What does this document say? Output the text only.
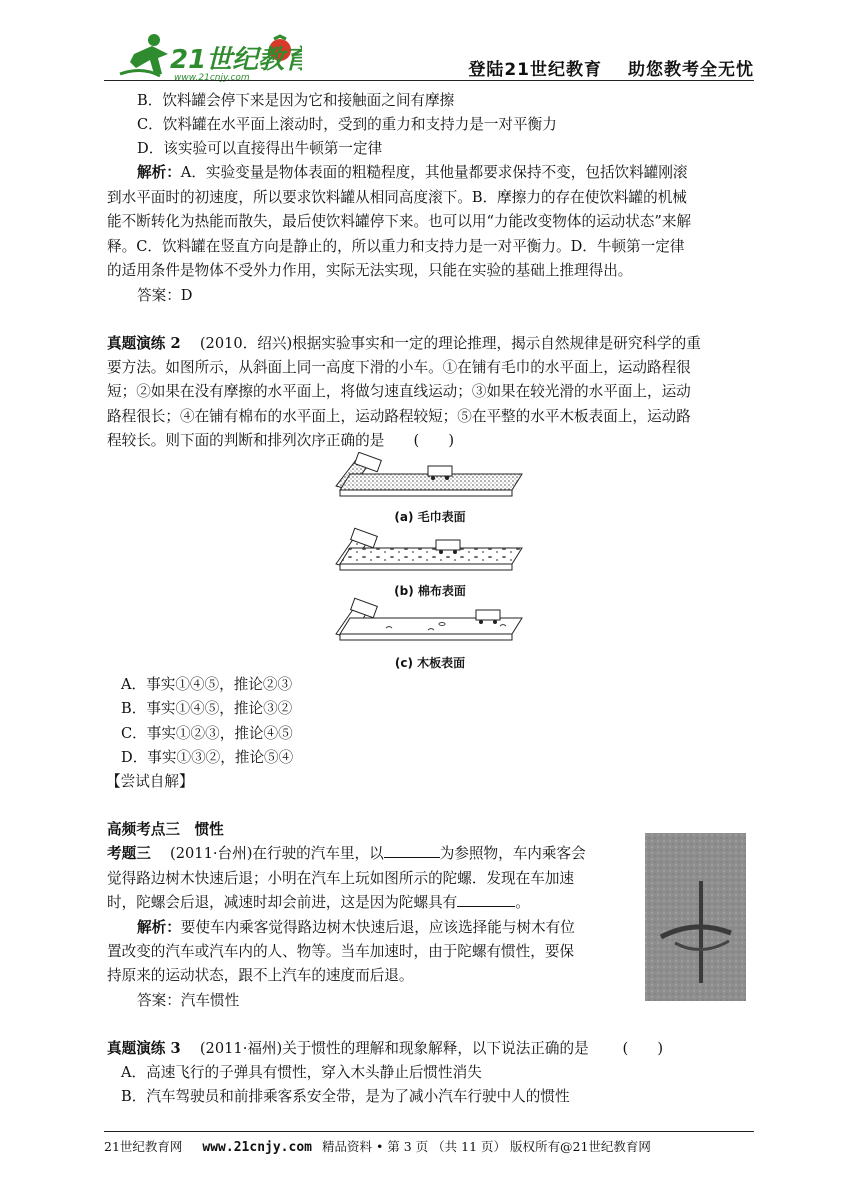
21世纪教育
www.21cnjy.com	登陆21世纪教育 助您教考全无忧
B．饮料罐会停下来是因为它和接触面之间有摩擦
C．饮料罐在水平面上滚动时，受到的重力和支持力是一对平衡力
D．该实验可以直接得出牛顿第一定律
解析：A．实验变量是物体表面的粗糙程度，其他量都要求保持不变，包括饮料罐刚滚
到水平面时的初速度，所以要求饮料罐从相同高度滚下。B．摩擦力的存在使饮料罐的机械
能不断转化为热能而散失，最后使饮料罐停下来。也可以用“力能改变物体的运动状态”来解
释。C．饮料罐在竖直方向是静止的，所以重力和支持力是一对平衡力。D．牛顿第一定律
的适用条件是物体不受外力作用，实际无法实现，只能在实验的基础上推理得出。
答案：D
真题演练 2　 (2010．绍兴)根据实验事实和一定的理论推理，揭示自然规律是研究科学的重
要方法。如图所示，从斜面上同一高度下滑的小车。①在铺有毛巾的水平面上，运动路程很
短；②如果在没有摩擦的水平面上，将做匀速直线运动；③如果在较光滑的水平面上，运动
路程很长；④在铺有棉布的水平面上，运动路程较短；⑤在平整的水平木板表面上，运动路
程较长。则下面的判断和排列次序正确的是　　(　　)
(a) 毛巾表面
(b) 棉布表面
(c) 木板表面
A．事实①④⑤，推论②③
B．事实①④⑤，推论③②
C．事实①②③，推论④⑤
D．事实①③②，推论⑤④
【尝试自解】
高频考点三　惯性
考题三　 (2011·台州)在行驶的汽车里，以	为参照物，车内乘客会
觉得路边树木快速后退；小明在汽车上玩如图所示的陀螺．发现在车加速
时，陀螺会后退，减速时却会前进，这是因为陀螺具有	。
解析：要使车内乘客觉得路边树木快速后退，应该选择能与树木有位
置改变的汽车或汽车内的人、物等。当车加速时，由于陀螺有惯性，要保
持原来的运动状态，跟不上汽车的速度而后退。
答案：汽车惯性
真题演练 3　 (2011·福州)关于惯性的理解和现象解释，以下说法正确的是　　 (　　)
A．高速飞行的子弹具有惯性，穿入木头静止后惯性消失
B．汽车驾驶员和前排乘客系安全带，是为了减小汽车行驶中人的惯性
21世纪教育网 www.21cnjy.com 精品资料 • 第 3 页 （共 11 页） 版权所有@21世纪教育网
